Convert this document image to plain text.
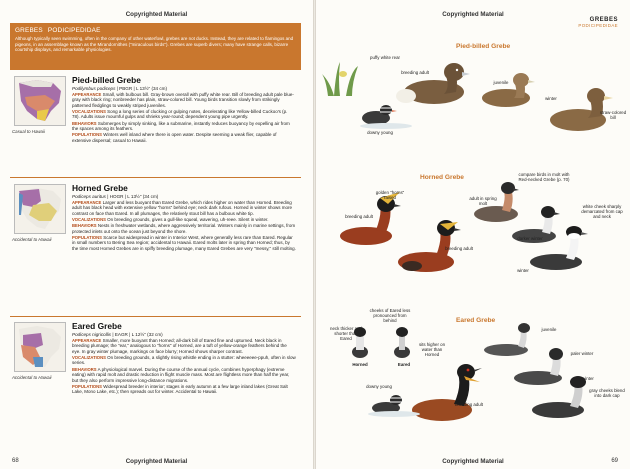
Copyrighted Material
GREBES PODICIPEDIDAE
Although typically seen swimming, often in the company of other waterfowl, grebes are not ducks. Instead, they are related to flamingos and pigeons, in an assemblage known as the Mirandornithes ("miraculous birds"). Grebes are superb divers; many have strange calls, bizarre courtship displays, and remarkable physiologies.
Casual to Hawaii
Pied-billed Grebe
Podilymbus podiceps | PBGR | L 13½" (34 cm)

APPEARANCE Small, with bulbous bill. Gray-brown overall with puffy white rear. Bill of breeding adult pale blue-gray with black ring; nonbreeder has plain, straw-colored bill. Young birds transition slowly from strikingly patterned fledglings to weakly striped juveniles.

VOCALIZATIONS Song a long series of clucking or gulping notes, decelerating like Yellow-billed Cuckoo's (p. 78). Adults issue mournful gulps and shrieks year-round; dependent young pipe urgently.

BEHAVIORS Submerges by simply sinking, like a submarine, instantly reduces buoyancy by expelling air from the spaces among its feathers.

POPULATIONS Winters well inland where there is open water. Despite seeming a weak flier, capable of extensive dispersal; casual to Hawaii.

Accidental to Hawaii
Horned Grebe
Podiceps auritus | HOGR | L 13½" (34 cm)

APPEARANCE Larger and less buoyant than Eared Grebe, which rides higher on water than Horned. Breeding adult has black head with extensive yellow "horns" behind eye; neck dark rufous. Horned in winter shows more contrast on face than Eared. In all plumages, the relatively stout bill has a bulbous white tip.

VOCALIZATIONS On breeding grounds, gives a gull-like squeal, wavering, uh-reee. Silent in winter.

BEHAVIORS Nests in freshwater wetlands, where aggressively territorial. Winters mainly in marine settings, from protected inlets out onto the ocean just beyond the shore.

POPULATIONS Scarce but widespread in winter in Interior West, where generally less rare than Eared. Regular in small numbers to Bering Sea region; accidental to Hawaii. Eared molts later in spring than Horned; thus, by the time most Horned Grebes are in spiffy breeding plumage, many Eared Grebes are very "messy," still molting.

Accidental to Hawaii
Eared Grebe
Podiceps nigricollis | EAGR | L 12½" (32 cm)

APPEARANCE Smaller, more buoyant than Horned; all-dark bill of Eared fine and upturned. Neck black in breeding plumage; the "ear," analogous to "horns" of Horned, are a tuft of yellow-orange feathers behind the eye. In gray winter plumage, markings on face blurry; Horned shows sharper contrast.

VOCALIZATIONS On breeding grounds, a slightly rising whistle ending in a stutter: wheeeeee-ppuh, often in slow series.

BEHAVIORS A physiological marvel. During the course of the annual cycle, combines hyperphagy (extreme eating) with rapid molt and drastic reduction in flight muscle mass. Most are flightless more than half the year, but they also perform impressive long-distance migrations.

POPULATIONS Widespread breeder in interior; stages in early autumn at a few large inland lakes (Great Salt Lake, Mono Lake, etc.); then spreads out for winter. Accidental to Hawaii.

68	Copyrighted Material
Copyrighted Material
GREBES
PODICIPEDIDAE
Pied-billed Grebe
puffy white rear
breeding adult
juvenile
downy young
winter
straw-colored bill
Horned Grebe
golden "horns" raised
breeding adult
adult in spring molt
compare birds in molt with Red-necked Grebe (p. 70)
darker winter
white cheek sharply demarcated from cap and neck
breeding adult
winter
Eared Grebe
neck thicker and shorter than Eared
cheeks of Eared less pronounced from behind
sits higher on water than Horned
Horned	Eared
juvenile
paler winter
downy young
breeding adult
winter
gray cheeks blend into dark cap
69
Copyrighted Material
